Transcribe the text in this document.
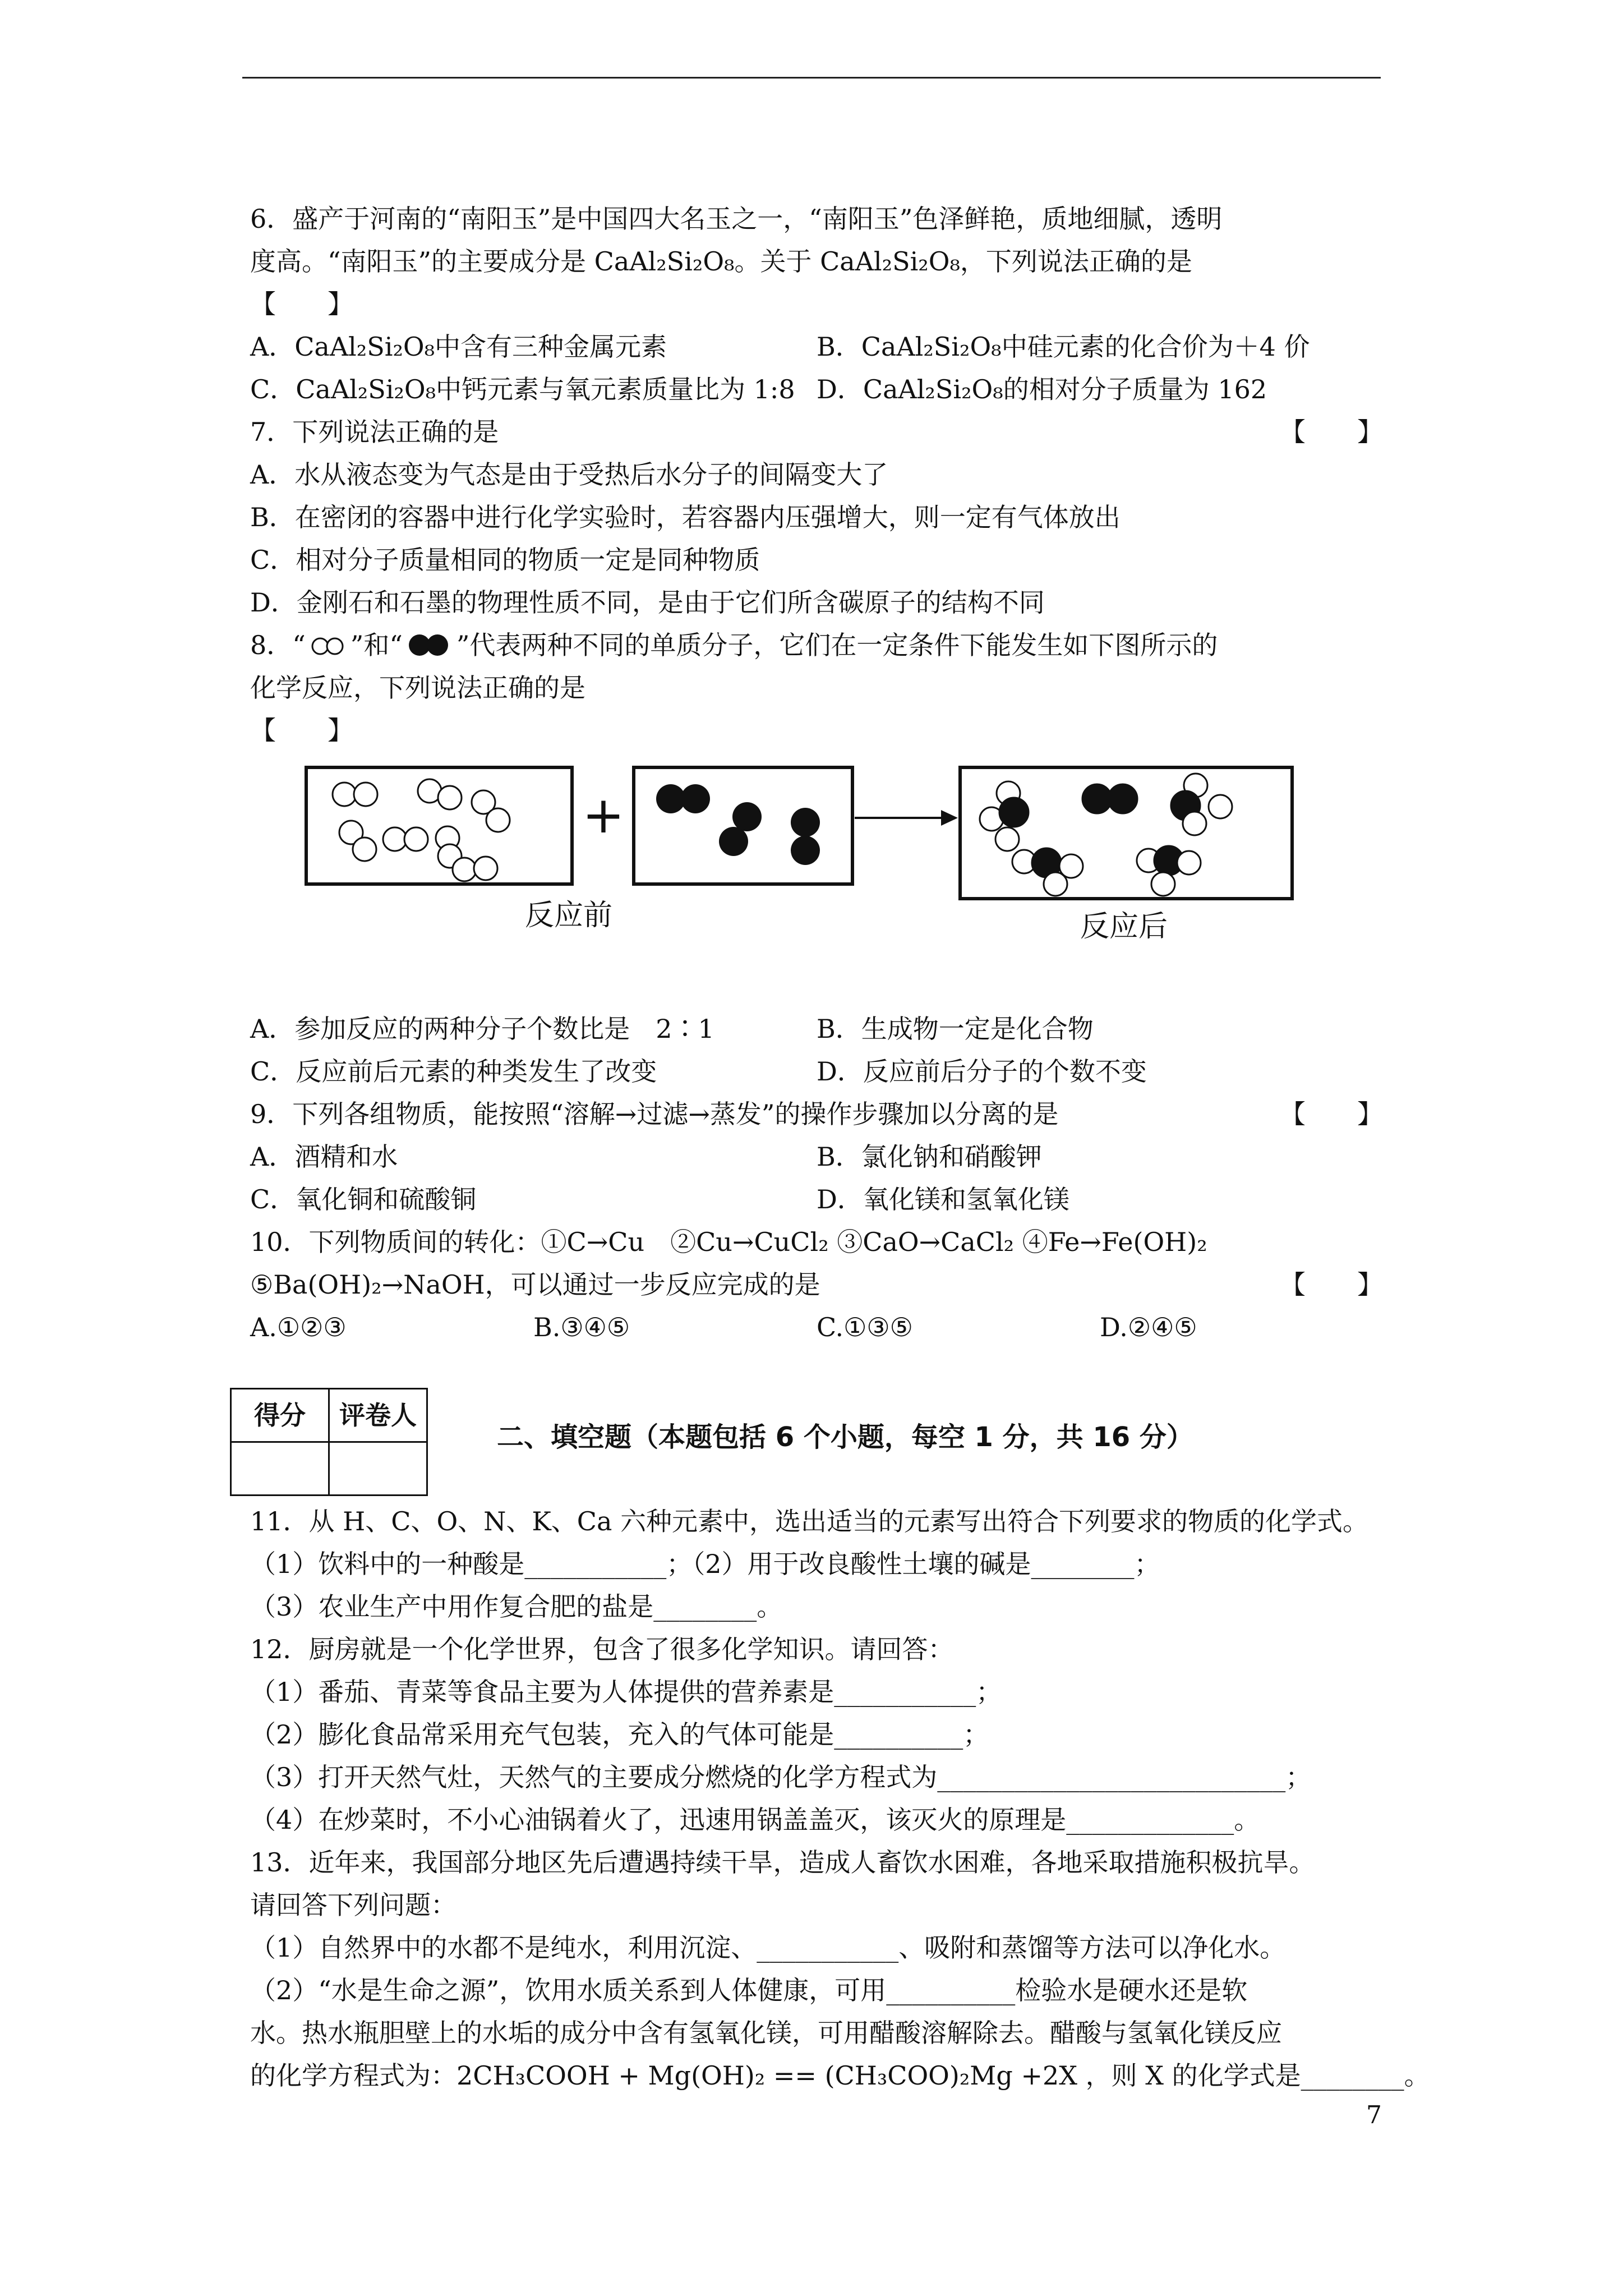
6．盛产于河南的“南阳玉”是中国四大名玉之一，“南阳玉”色泽鲜艳，质地细腻，透明
度高。“南阳玉”的主要成分是 CaAl₂Si₂O₈。关于 CaAl₂Si₂O₈，下列说法正确的是
【　　】
A．CaAl₂Si₂O₈中含有三种金属元素	B．CaAl₂Si₂O₈中硅元素的化合价为＋4 价
C．CaAl₂Si₂O₈中钙元素与氧元素质量比为 1:8 D．CaAl₂Si₂O₈的相对分子质量为 162
7．下列说法正确的是	【　　】
A．水从液态变为气态是由于受热后水分子的间隔变大了
B．在密闭的容器中进行化学实验时，若容器内压强增大，则一定有气体放出
C．相对分子质量相同的物质一定是同种物质
D．金刚石和石墨的物理性质不同，是由于它们所含碳原子的结构不同
8．“ ”和“ ”代表两种不同的单质分子，它们在一定条件下能发生如下图所示的
化学反应，下列说法正确的是
【　　】
+
反应前	反应后
A．参加反应的两种分子个数比是　2∶1	B．生成物一定是化合物
C．反应前后元素的种类发生了改变	D．反应前后分子的个数不变
9．下列各组物质，能按照“溶解→过滤→蒸发”的操作步骤加以分离的是	【　　】
A．酒精和水	B．氯化钠和硝酸钾
C．氧化铜和硫酸铜	D．氧化镁和氢氧化镁
10．下列物质间的转化：①C→Cu　②Cu→CuCl₂ ③CaO→CaCl₂ ④Fe→Fe(OH)₂
⑤Ba(OH)₂→NaOH，可以通过一步反应完成的是	【　　】
A.①②③	B.③④⑤	C.①③⑤	D.②④⑤
得分	评卷人

二、填空题（本题包括 6 个小题，每空 1 分，共 16 分）
11．从 H、C、O、N、K、Ca 六种元素中，选出适当的元素写出符合下列要求的物质的化学式。
（1）饮料中的一种酸是___________；（2）用于改良酸性土壤的碱是________；
（3）农业生产中用作复合肥的盐是________。
12．厨房就是一个化学世界，包含了很多化学知识。请回答：
（1）番茄、青菜等食品主要为人体提供的营养素是___________；
（2）膨化食品常采用充气包装，充入的气体可能是__________；
（3）打开天然气灶，天然气的主要成分燃烧的化学方程式为___________________________；
（4）在炒菜时，不小心油锅着火了，迅速用锅盖盖灭，该灭火的原理是_____________。
13．近年来，我国部分地区先后遭遇持续干旱，造成人畜饮水困难，各地采取措施积极抗旱。
请回答下列问题：
（1）自然界中的水都不是纯水，利用沉淀、___________、吸附和蒸馏等方法可以净化水。
（2）“水是生命之源”，饮用水质关系到人体健康，可用__________检验水是硬水还是软
水。热水瓶胆壁上的水垢的成分中含有氢氧化镁，可用醋酸溶解除去。醋酸与氢氧化镁反应
的化学方程式为：2CH₃COOH + Mg(OH)₂ == (CH₃COO)₂Mg +2X ，则 X 的化学式是________。
7
